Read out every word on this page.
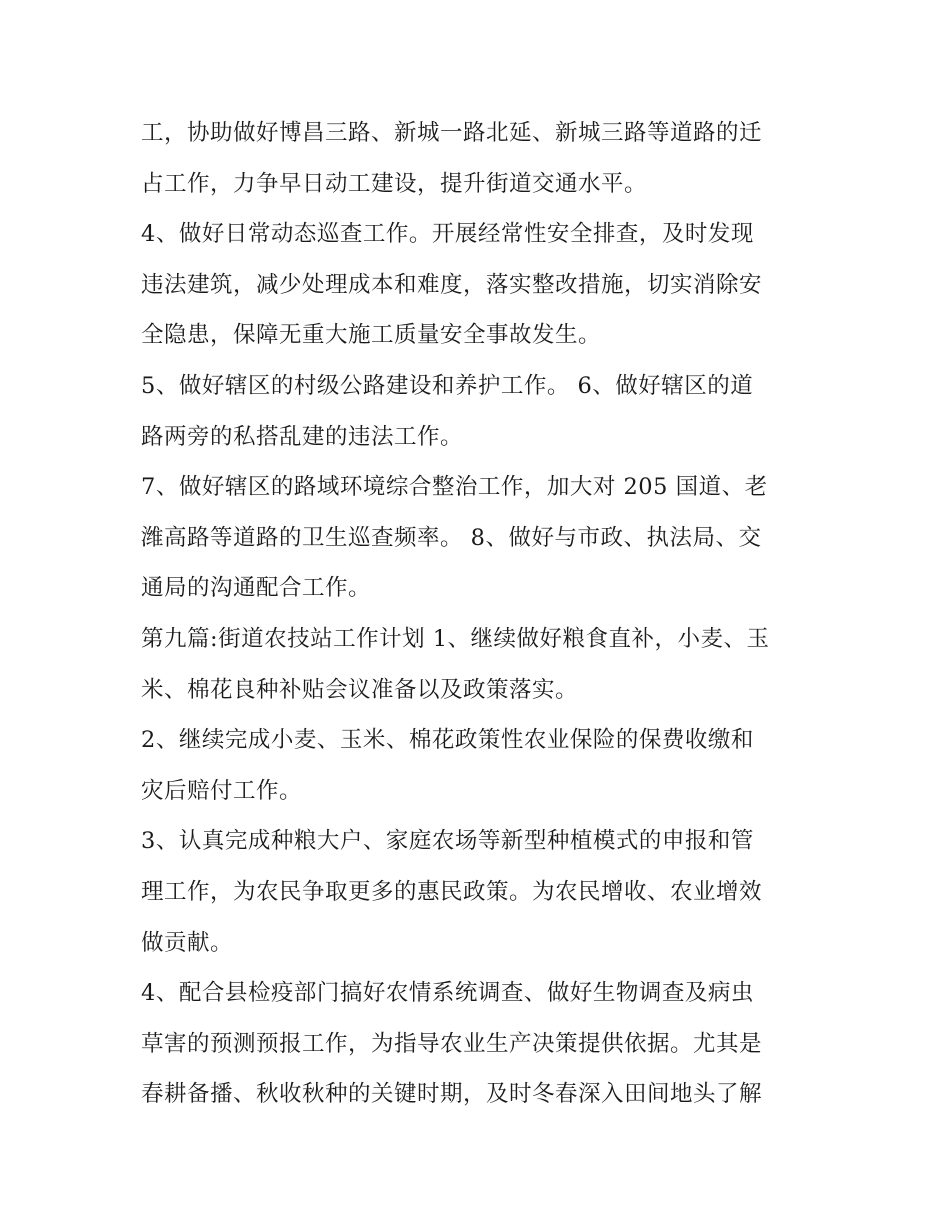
工，协助做好博昌三路、新城一路北延、新城三路等道路的迁
占工作，力争早日动工建设，提升街道交通水平。
4、做好日常动态巡查工作。开展经常性安全排查，及时发现
违法建筑，减少处理成本和难度，落实整改措施，切实消除安
全隐患，保障无重大施工质量安全事故发生。
5、做好辖区的村级公路建设和养护工作。 6、做好辖区的道
路两旁的私搭乱建的违法工作。
7、做好辖区的路域环境综合整治工作，加大对 205 国道、老
潍高路等道路的卫生巡查频率。 8、做好与市政、执法局、交
通局的沟通配合工作。
第九篇:街道农技站工作计划 1、继续做好粮食直补，小麦、玉
米、棉花良种补贴会议准备以及政策落实。
2、继续完成小麦、玉米、棉花政策性农业保险的保费收缴和
灾后赔付工作。
3、认真完成种粮大户、家庭农场等新型种植模式的申报和管
理工作，为农民争取更多的惠民政策。为农民增收、农业增效
做贡献。
4、配合县检疫部门搞好农情系统调查、做好生物调查及病虫
草害的预测预报工作，为指导农业生产决策提供依据。尤其是
春耕备播、秋收秋种的关键时期，及时冬春深入田间地头了解
